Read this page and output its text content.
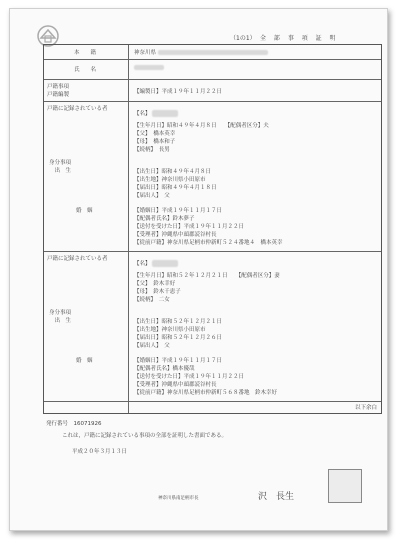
（1の1） 全 部 事 項 証 明
本　　籍	神奈川県
氏　　名
戸籍事項
戸籍編製	【編製日】平成１９年１１月２２日
戸籍に記録されている者
【名】
【生年月日】昭和４９年４月８日　　【配偶者区分】夫
【父】　橋本英幸
【母】　橋本和子
【続柄】　長男
身分事項
　出　生	【出生日】昭和４９年４月８日
【出生地】神奈川県小田原市
【届出日】昭和４９年４月１８日
【届出人】　父
婚　姻	【婚姻日】平成１９年１１月１７日
【配偶者氏名】鈴木夢子
【送付を受けた日】平成１９年１１月２２日
【受理者】沖縄県中頭郡読谷村長
【従前戸籍】神奈川県足柄市仲新町５２４番地４　橋本英幸
戸籍に記録されている者
【名】
【生年月日】昭和５２年１２月２１日　　【配偶者区分】妻
【父】　鈴木幸好
【母】　鈴木千恵子
【続柄】　二女
身分事項
　出　生	【出生日】昭和５２年１２月２１日
【出生地】神奈川県小田原市
【届出日】昭和５２年１２月２６日
【届出人】　父
婚　姻	【婚姻日】平成１９年１１月１７日
【配偶者氏名】橋本優哉
【送付を受けた日】平成１９年１１月２２日
【受理者】沖縄県中頭郡読谷村長
【従前戸籍】神奈川県足柄市仲新町５６８番地　鈴木幸好
以下余白
発行番号　16071926
これは，戸籍に記録されている事項の全部を証明した書面である。
平成２０年３月１３日
神奈川県南足柄市長	沢　長生
